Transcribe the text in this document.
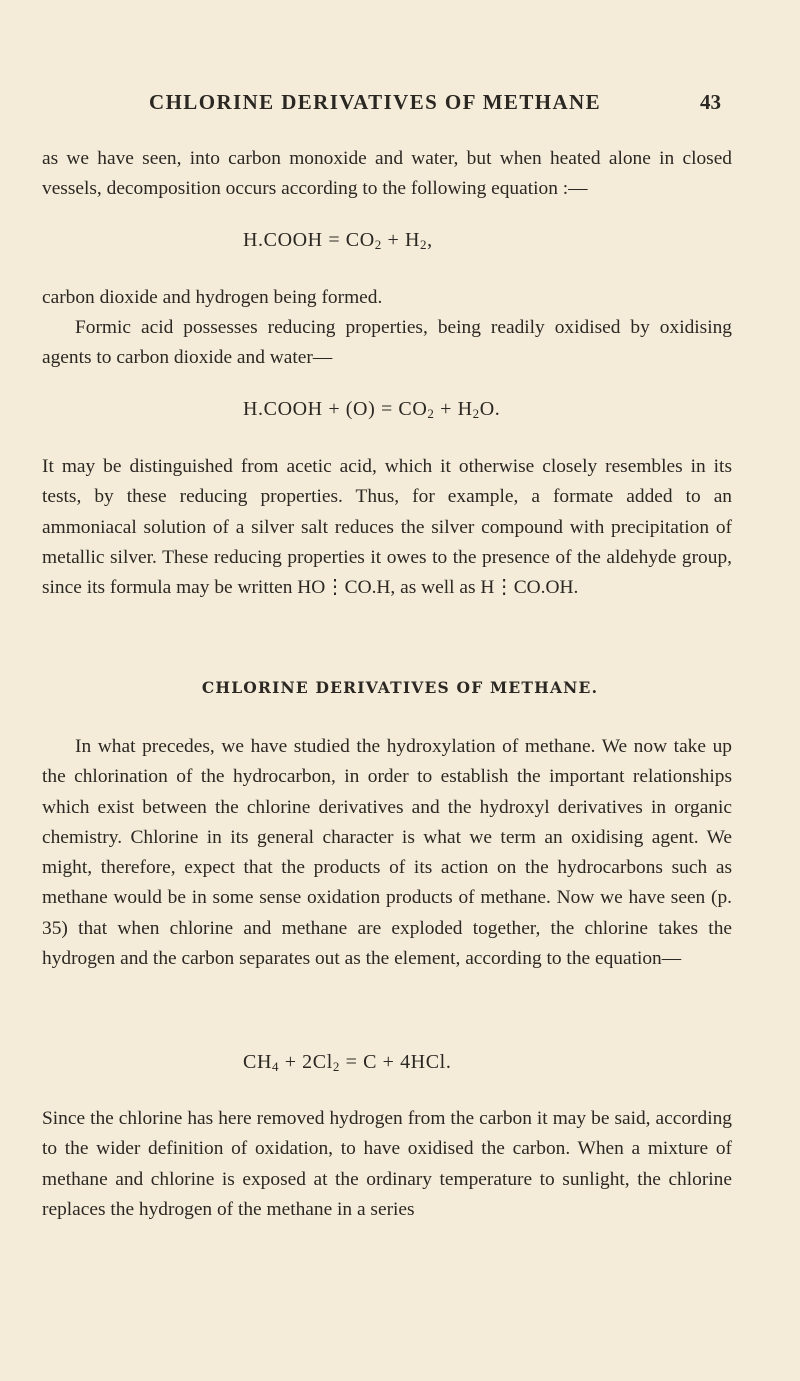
CHLORINE DERIVATIVES OF METHANE	43

as we have seen, into carbon monoxide and water, but when heated alone in closed vessels, decomposition occurs according to the following equation :—

H.COOH = $CO_2 + H_2$,

carbon dioxide and hydrogen being formed.

Formic acid possesses reducing properties, being readily oxidised by oxidising agents to carbon dioxide and water—

H.COOH + $(O) = CO_2 + H_2O$.

It may be distinguished from acetic acid, which it otherwise closely resembles in its tests, by these reducing properties. Thus, for example, a formate added to an ammoniacal solution of a silver salt reduces the silver compound with precipitation of metallic silver. These reducing properties it owes to the presence of the aldehyde group, since its formula may be written HO⋮CO.H, as well as H⋮CO.OH.

CHLORINE DERIVATIVES OF METHANE.

In what precedes, we have studied the hydroxylation of methane. We now take up the chlorination of the hydrocarbon, in order to establish the important relationships which exist between the chlorine derivatives and the hydroxyl derivatives in organic chemistry. Chlorine in its general character is what we term an oxidising agent. We might, therefore, expect that the products of its action on the hydrocarbons such as methane would be in some sense oxidation products of methane. Now we have seen (p. 35) that when chlorine and methane are exploded together, the chlorine takes the hydrogen and the carbon separates out as the element, according to the equation—

$CH_4 + 2Cl_2 = C + 4HCl$.

Since the chlorine has here removed hydrogen from the carbon it may be said, according to the wider definition of oxidation, to have oxidised the carbon. When a mixture of methane and chlorine is exposed at the ordinary temperature to sunlight, the chlorine replaces the hydrogen of the methane in a series
